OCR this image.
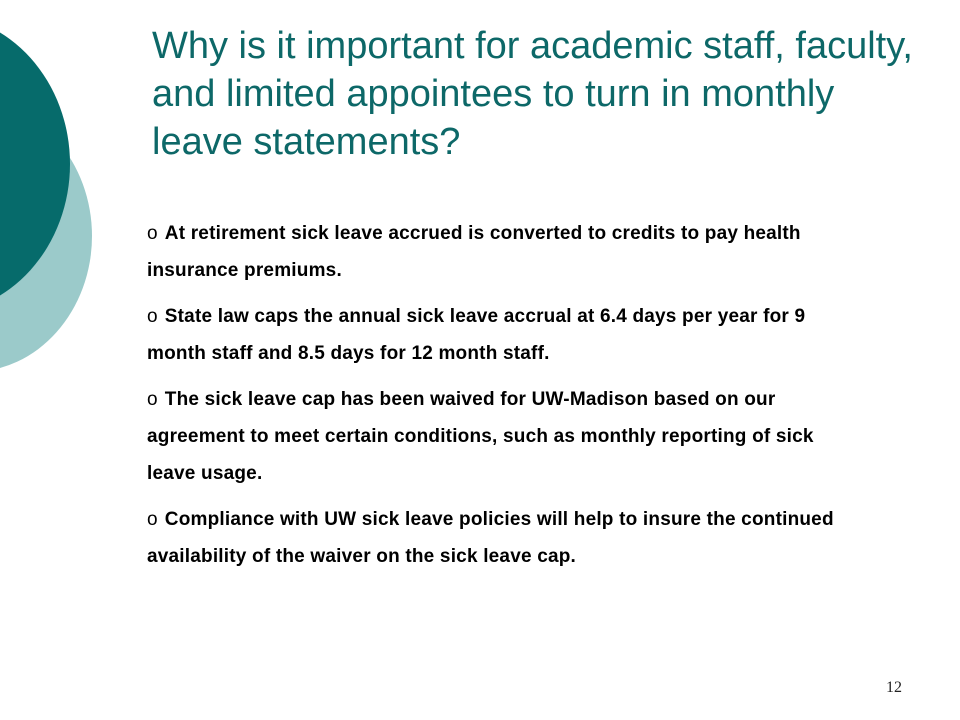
Why is it important for academic staff, faculty, and limited appointees to turn in monthly leave statements?
o At retirement sick leave accrued is converted to credits to pay health insurance premiums.
o State law caps the annual sick leave accrual at 6.4 days per year for 9 month staff and 8.5 days for 12 month staff.
o The sick leave cap has been waived for UW-Madison based on our agreement to meet certain conditions, such as monthly reporting of sick leave usage.
o Compliance with UW sick leave policies will help to insure the continued availability of the waiver on the sick leave cap.
12
